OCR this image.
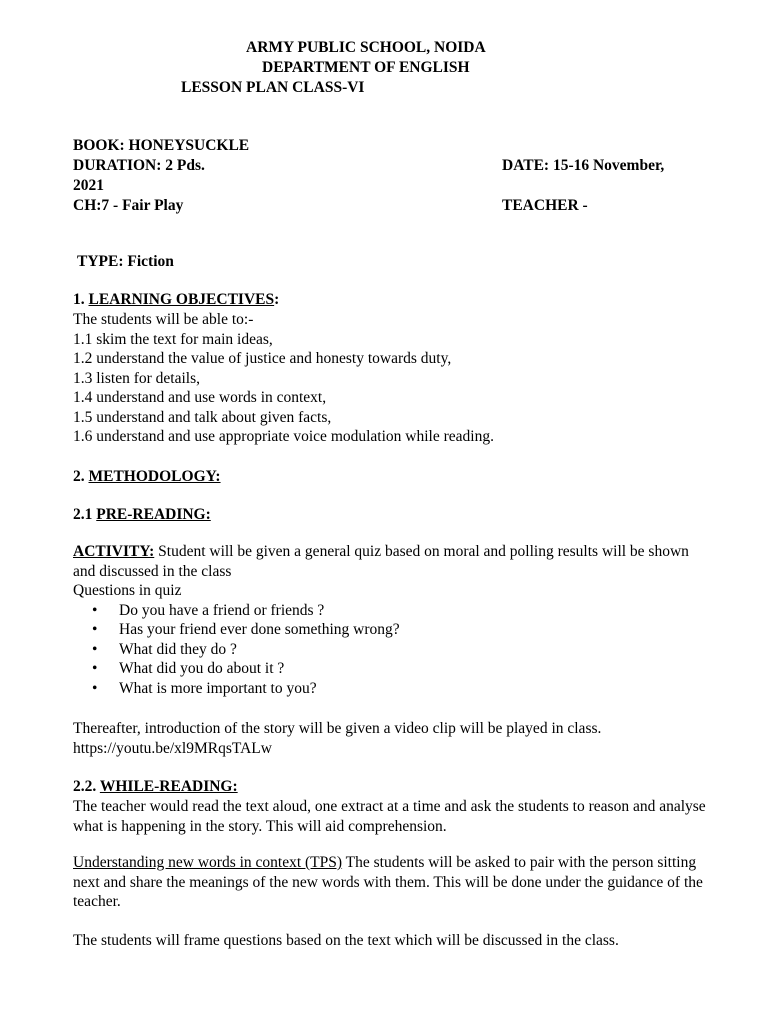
ARMY PUBLIC SCHOOL, NOIDA
DEPARTMENT OF ENGLISH
LESSON PLAN CLASS-VI
BOOK: HONEYSUCKLE
DURATION: 2 Pds.	DATE: 15-16 November,
2021
CH:7 - Fair Play	TEACHER -
TYPE: Fiction
1. LEARNING OBJECTIVES:

The students will be able to:-

1.1 skim the text for main ideas,

1.2 understand the value of justice and honesty towards duty,

1.3 listen for details,

1.4 understand and use words in context,

1.5 understand and talk about given facts,

1.6 understand and use appropriate voice modulation while reading.

2. METHODOLOGY:
2.1 PRE-READING:

ACTIVITY: Student will be given a general quiz based on moral and polling results will be shown and discussed in the class

Questions in quiz

• Do you have a friend or friends ?
• Has your friend ever done something wrong?
• What did they do ?
• What did you do about it ?
• What is more important to you?

Thereafter, introduction of the story will be given a video clip will be played in class.

https://youtu.be/xl9MRqsTALw

2.2. WHILE-READING:

The teacher would read the text aloud, one extract at a time and ask the students to reason and analyse what is happening in the story. This will aid comprehension.

Understanding new words in context (TPS) The students will be asked to pair with the person sitting next and share the meanings of the new words with them. This will be done under the guidance of the teacher.

The students will frame questions based on the text which will be discussed in the class.
